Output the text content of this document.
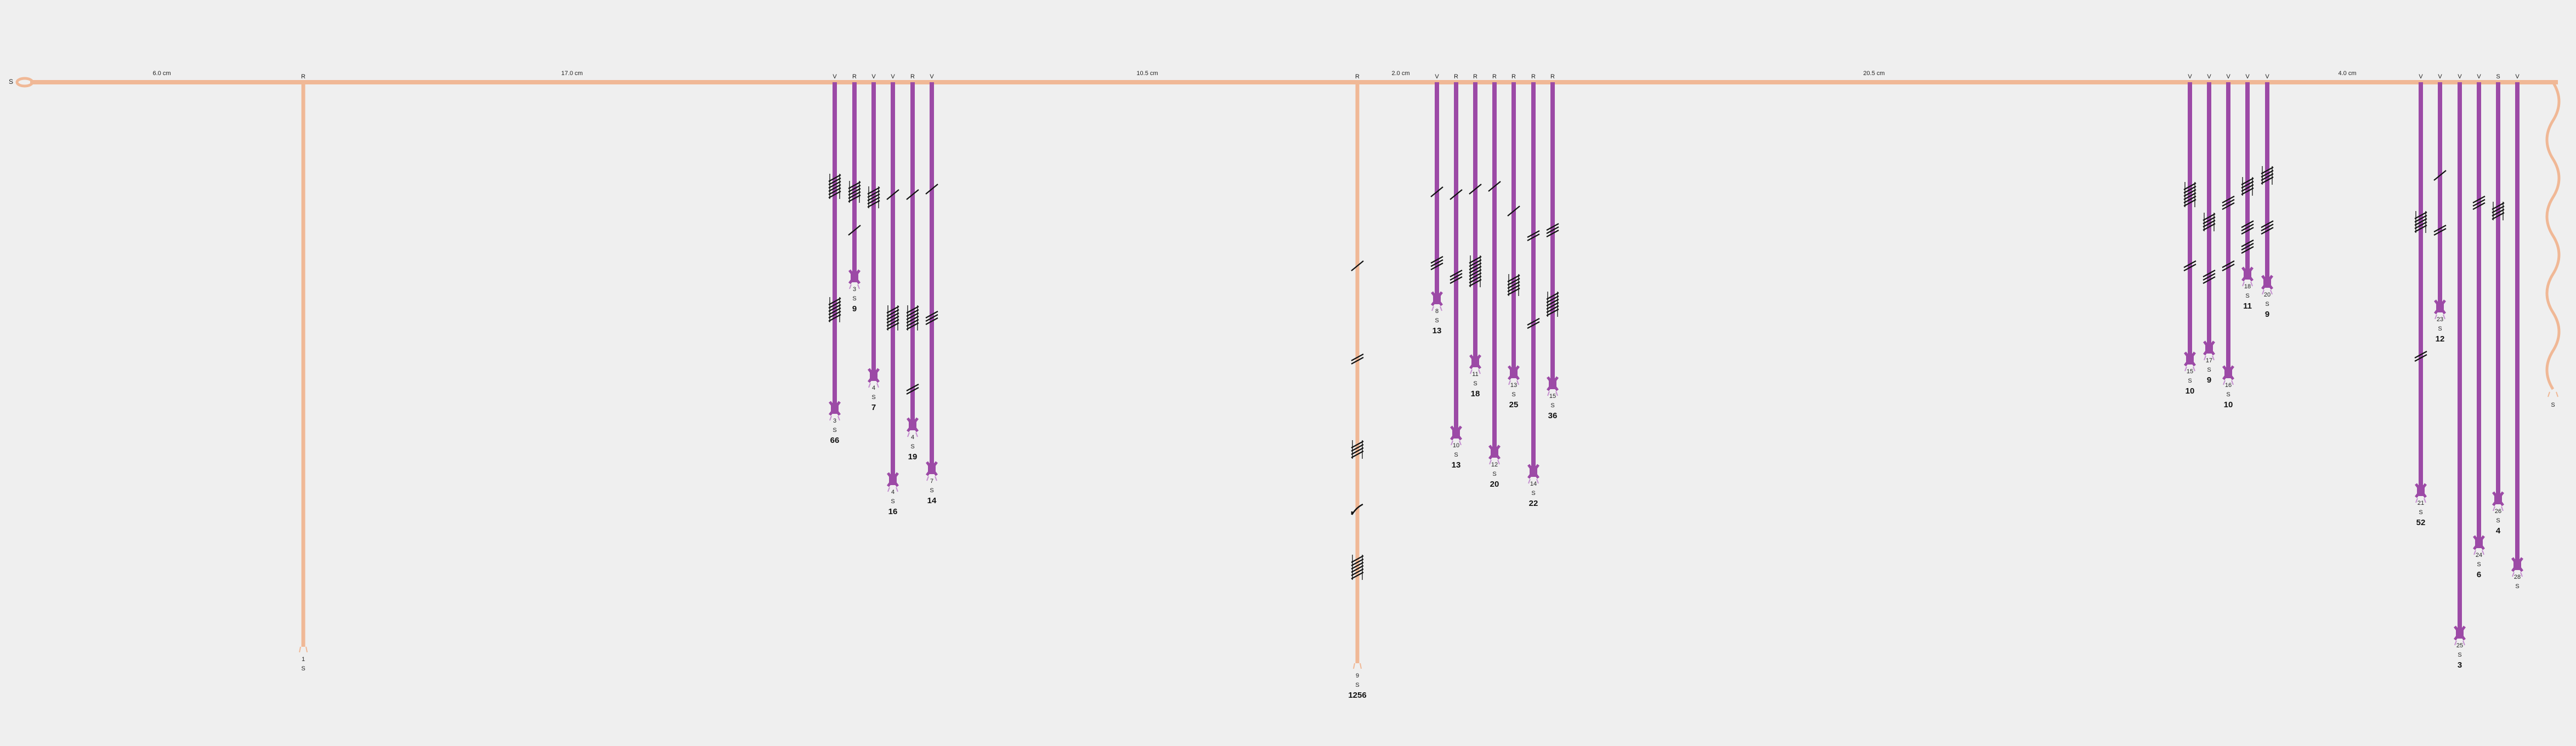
S
6.0 cm	17.0 cm	10.5 cm	2.0 cm	20.5 cm	4.0 cm
R
1
S
V
3
S
66
R
3
S
9
V
4
S
7
V
4
S
16
R
4
S
19
V
7
S
14
R
9
S
1256
V
8
S
13
R
10
S
13
R
11
S
18
R
12
S
20
R
13
S
25
R
14
S
22
R
15
S
36
V
15
S
10
V
17
S
9
V
16
S
10
V
18
S
11
V
20
S
9
V
21
S
52
V
23
S
12
V
25
S
3
V
24
S
6
S
26
S
4
V
28
S
S
